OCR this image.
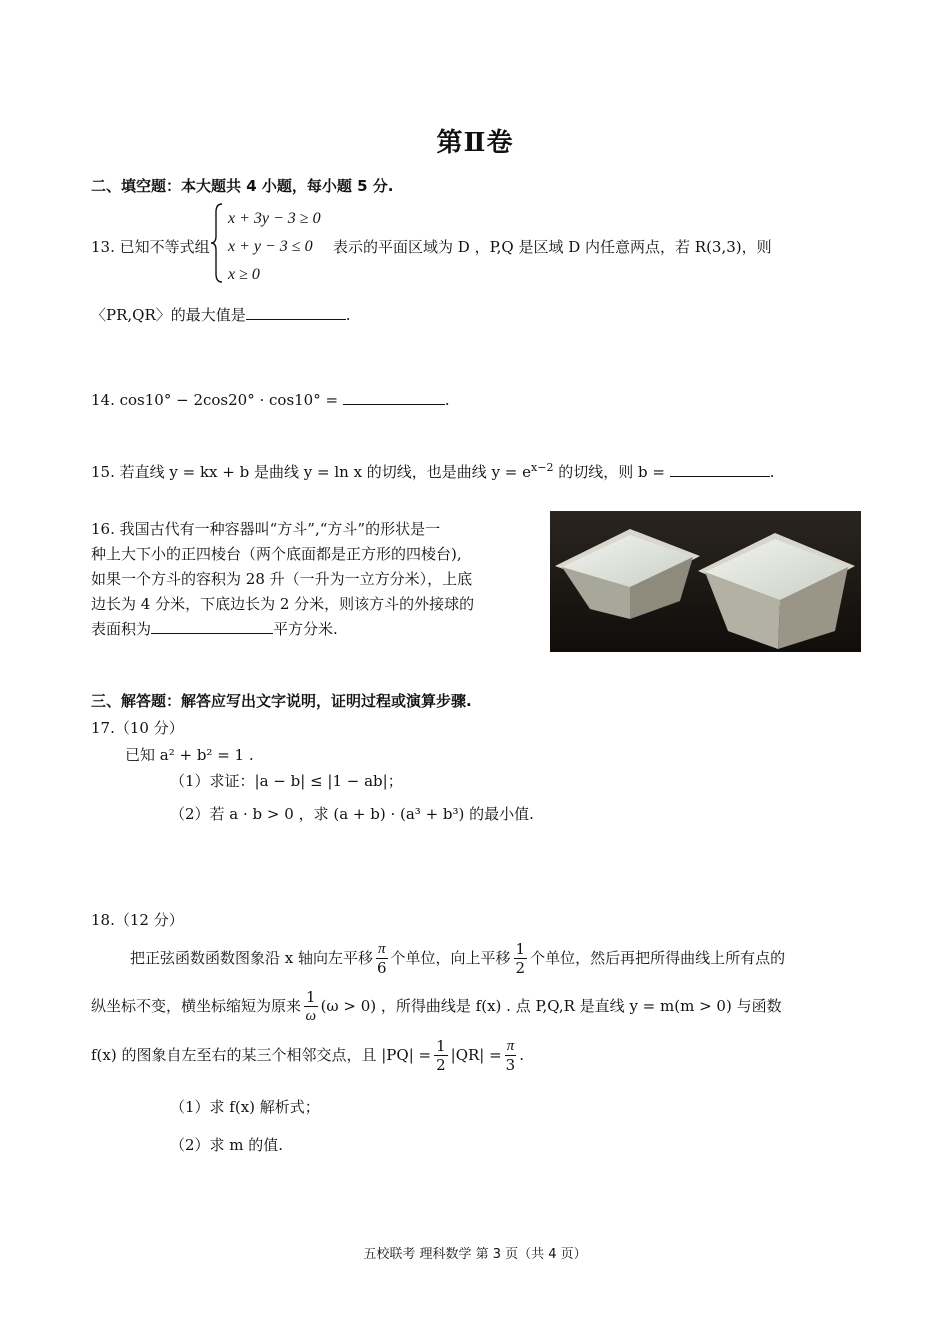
第Ⅱ卷
二、填空题：本大题共 4 小题，每小题 5 分.
13. 已知不等式组
x + 3y − 3 ≥ 0
x + y − 3 ≤ 0
x ≥ 0
表示的平面区域为 D ，P,Q 是区域 D 内任意两点，若 R(3,3)，则
〈PR,QR〉的最大值是	.
14. cos10° − 2cos20° · cos10° =	.
15. 若直线 y = kx + b 是曲线 y = ln x 的切线，也是曲线 $y = e^{x-2}$ 的切线，则 b =	.
16. 我国古代有一种容器叫“方斗”,“方斗”的形状是一
种上大下小的正四棱台（两个底面都是正方形的四棱台),
如果一个方斗的容积为 28 升（一升为一立方分米），上底
边长为 4 分米，下底边长为 2 分米，则该方斗的外接球的
表面积为	平方分米.
三、解答题：解答应写出文字说明，证明过程或演算步骤.
17.（10 分）
已知 a² + b² = 1 .
（1）求证：|a − b| ≤ |1 − ab|；
（2）若 a · b > 0 ，求 (a + b) · (a³ + b³) 的最小值.
18.（12 分）
把正弦函数函数图象沿 x 轴向左平移 $\frac{\pi}{6}$ 个单位，向上平移 $\frac{1}{2}$ 个单位，然后再把所得曲线上所有点的
纵坐标不变，横坐标缩短为原来 $\frac{1}{\omega} (\omega > 0)$ ，所得曲线是 f(x) . 点 P,Q,R 是直线 y = m(m > 0) 与函数
f(x) 的图象自左至右的某三个相邻交点，且 $|PQ| = \frac{1}{2} |QR| = \frac{\pi}{3}$ .
（1）求 f(x) 解析式；
（2）求 m 的值.
五校联考 理科数学 第 3 页（共 4 页）
